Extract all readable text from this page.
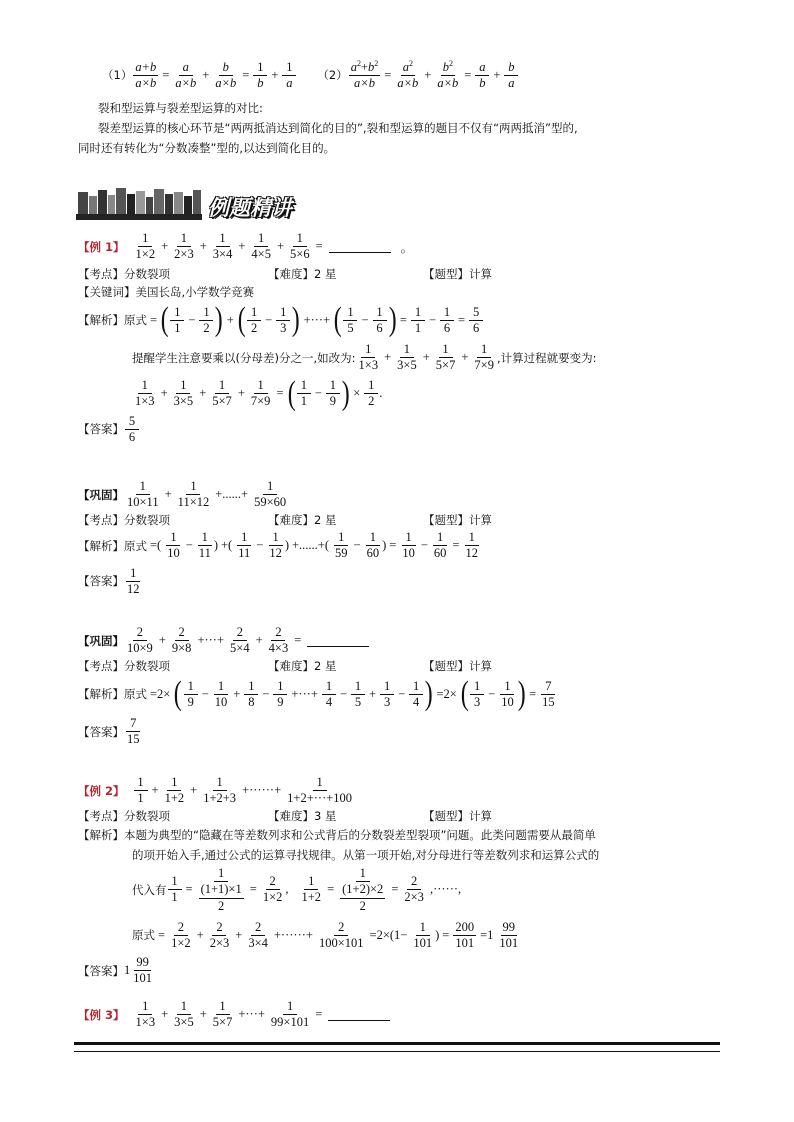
$(1) \frac{a+b}{a\times b} = \frac{a}{a\times b} + \frac{b}{a\times b} = \frac{1}{b} + \frac{1}{a} (2) \frac{a^2+b^2}{a\times b} = \frac{a^2}{a\times b} + \frac{b^2}{a\times b} = \frac{a}{b} + \frac{b}{a}$
裂和型运算与裂差型运算的对比:
裂差型运算的核心环节是“两两抵消达到简化的目的”,裂和型运算的题目不仅有“两两抵消”型的,
同时还有转化为“分数凑整”型的,以达到简化目的。
例题精讲
【例 1】
1
1×2
+ $\frac{1}{2\times 3} + \frac{1}{3\times 4} + \frac{1}{4\times 5} + \frac{1}{5\times 6}$ =	。
【考点】分数裂项	【难度】2 星	【题型】计算
【关键词】 美国长岛,小学数学竞赛
【解析】 原式 = ( 1
1
− $\frac{1}{2}$ ) + ( 1
2
− $\frac{1}{3}$ ) +···+ ( 1
5
− $\frac{1}{6}$ ) = $\frac{1}{1} - \frac{1}{6} = \frac{5}{6}$
提醒学生注意要乘以(分母差)分之一,如改为:
1
1×3
+ $\frac{1}{3\times 5} + \frac{1}{5\times 7} + \frac{1}{7\times 9}$ ,计算过程就要变为:
1
1×3
+ $\frac{1}{3\times 5} + \frac{1}{5\times 7} + \frac{1}{7\times 9}$ = ( 1
1
− $\frac{1}{9}$ ) × $\frac{1}{2}$ .
【答案】
5
6
【巩固】
1
10×11
+ $\frac{1}{11\times 12}$ +......+ $\frac{1}{59\times 60}$
【考点】分数裂项	【难度】2 星	【题型】计算
【解析】 原式 =(
1
10
− $\frac{1}{11}$ ) +(
1
11
− $\frac{1}{12}$ ) +......+(
1
59
− $\frac{1}{60}$ ) = $\frac{1}{10} - \frac{1}{60} = \frac{1}{12}$
【答案】
1
12
【巩固】
2
10×9
+ $\frac{2}{9\times 8}$ +···+ $\frac{2}{5\times 4} + \frac{2}{4\times 3}$ =
【考点】分数裂项	【难度】2 星	【题型】计算
【解析】 原式 =2× ( 1
9
− $\frac{1}{10} + \frac{1}{8} - \frac{1}{9}$ +···+ $\frac{1}{4} - \frac{1}{5} + \frac{1}{3} - \frac{1}{4}$ ) =2× ( 1
3
− $\frac{1}{10}$ ) = $\frac{7}{15}$
【答案】
7
15
【例 2】
1
1
+ $\frac{1}{1+2} + \frac{1}{1+2+3}$ +······+ $\frac{1}{1+2+\cdot\cdot\cdot+100}$
【考点】分数裂项	【难度】3 星	【题型】计算
【解析】本题为典型的“隐藏在等差数列求和公式背后的分数裂差型裂项”问题。此类问题需要从最简单
的项开始入手,通过公式的运算寻找规律。从第一项开始,对分母进行等差数列求和运算公式的
代入有 $\frac{1}{1} = \frac{1}{\frac{(1+1)\times 1}{2}} = \frac{2}{1\times 2}$ , $\frac{1}{1+2} = \frac{1}{\frac{(1+2)\times 2}{2}} = \frac{2}{2\times 3}$ ,······,
原式 = $\frac{2}{1\times 2} + \frac{2}{2\times 3} + \frac{2}{3\times 4}$ +······+ $\frac{2}{100\times 101} =2\times(1- \frac{1}{101}$ ) = $\frac{200}{101} =1$
99
101
【答案】 1
99
101
【例 3】
1
1×3
+ $\frac{1}{3\times 5} + \frac{1}{5\times 7}$ +···+ $\frac{1}{99\times 101}$ =
